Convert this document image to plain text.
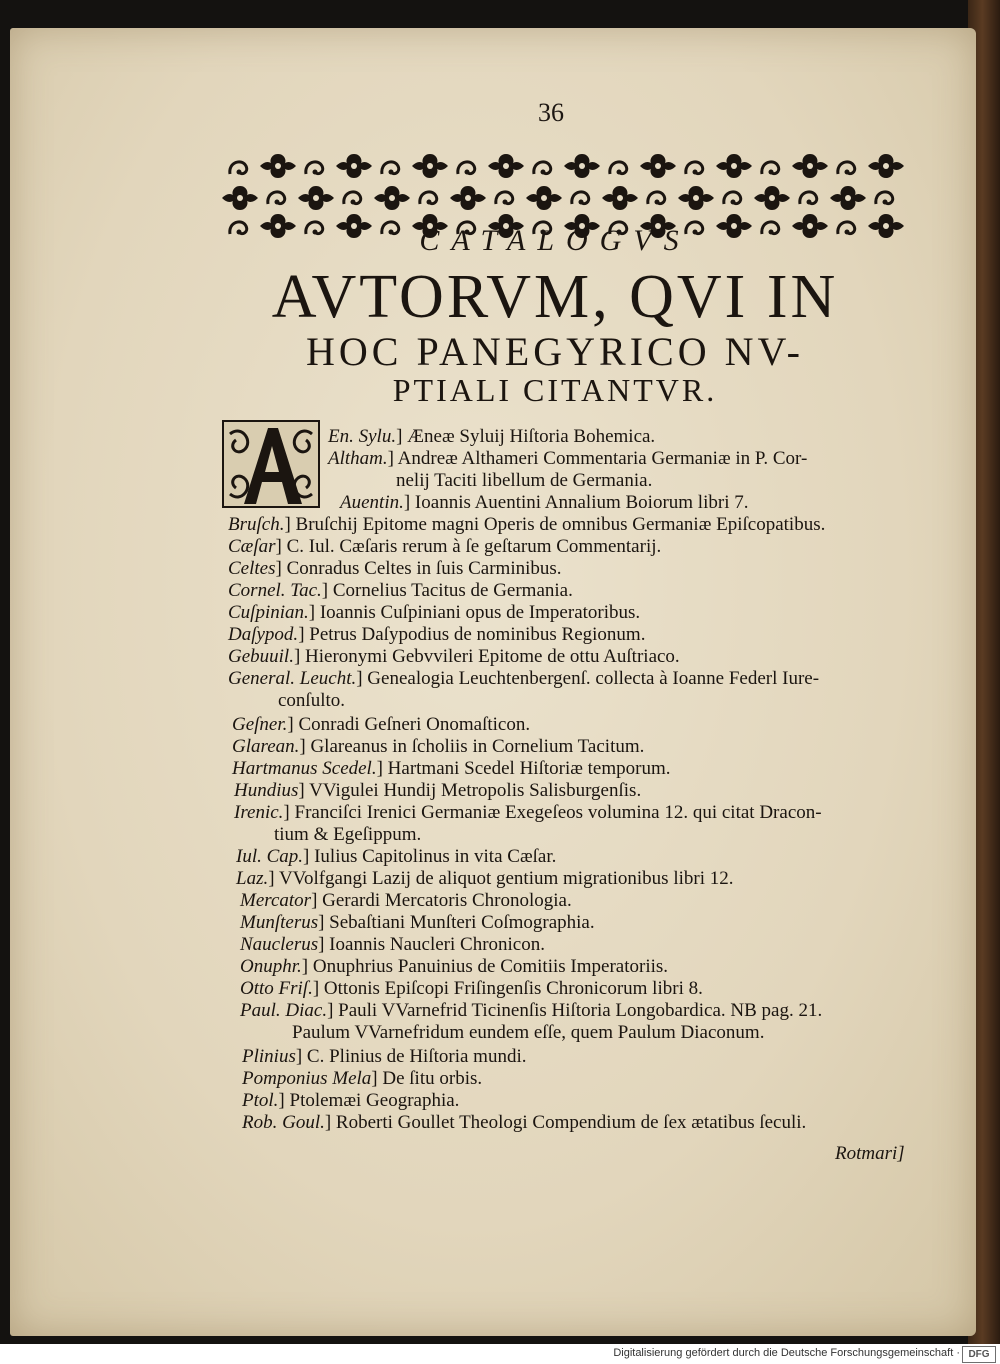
36
CATALOGVS
AVTORVM, QVI IN
HOC PANEGYRICO NV-
PTIALI CITANTVR.
En. Sylu.] Æneæ Syluij Hiſtoria Bohemica.
Altham.] Andreæ Althameri Commentaria Germaniæ in P. Cor-
nelij Taciti libellum de Germania.
Auentin.] Ioannis Auentini Annalium Boiorum libri 7.
Bruſch.] Bruſchij Epitome magni Operis de omnibus Germaniæ Epiſcopatibus.
Cæſar] C. Iul. Cæſaris rerum à ſe geſtarum Commentarij.
Celtes] Conradus Celtes in ſuis Carminibus.
Cornel. Tac.] Cornelius Tacitus de Germania.
Cuſpinian.] Ioannis Cuſpiniani opus de Imperatoribus.
Daſypod.] Petrus Daſypodius de nominibus Regionum.
Gebuuil.] Hieronymi Gebvvileri Epitome de ottu Auſtriaco.
General. Leucht.] Genealogia Leuchtenbergenſ. collecta à Ioanne Federl Iure-
conſulto.
Geſner.] Conradi Geſneri Onomaſticon.
Glarean.] Glareanus in ſcholiis in Cornelium Tacitum.
Hartmanus Scedel.] Hartmani Scedel Hiſtoriæ temporum.
Hundius] VVigulei Hundij Metropolis Salisburgenſis.
Irenic.] Franciſci Irenici Germaniæ Exegeſeos volumina 12. qui citat Dracon-
tium & Egeſippum.
Iul. Cap.] Iulius Capitolinus in vita Cæſar.
Laz.] VVolfgangi Lazij de aliquot gentium migrationibus libri 12.
Mercator] Gerardi Mercatoris Chronologia.
Munſterus] Sebaſtiani Munſteri Coſmographia.
Nauclerus] Ioannis Naucleri Chronicon.
Onuphr.] Onuphrius Panuinius de Comitiis Imperatoriis.
Otto Friſ.] Ottonis Epiſcopi Friſingenſis Chronicorum libri 8.
Paul. Diac.] Pauli VVarnefrid Ticinenſis Hiſtoria Longobardica. NB pag. 21.
Paulum VVarnefridum eundem eſſe, quem Paulum Diaconum.
Plinius] C. Plinius de Hiſtoria mundi.
Pomponius Mela] De ſitu orbis.
Ptol.] Ptolemæi Geographia.
Rob. Goul.] Roberti Goullet Theologi Compendium de ſex ætatibus ſeculi.
Rotmari]
Digitalisierung gefördert durch die Deutsche Forschungsgemeinschaft · DFG
